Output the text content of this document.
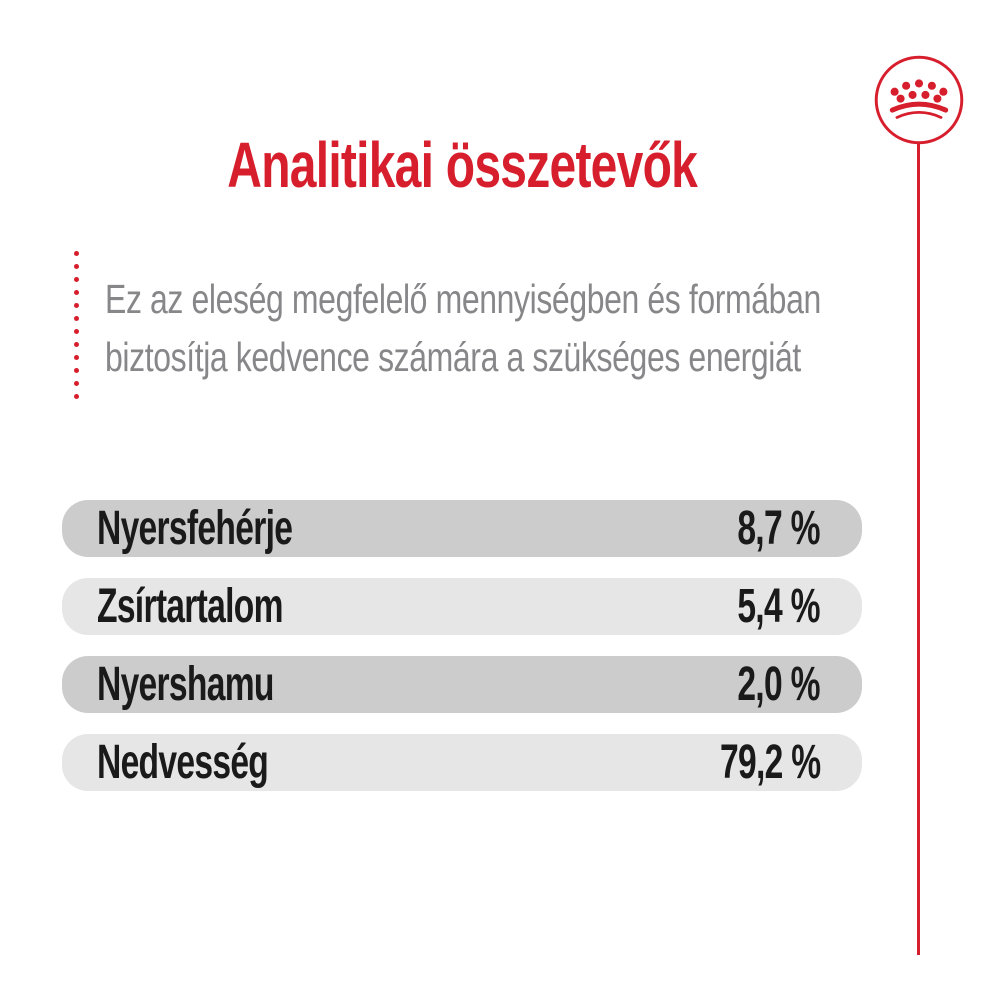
Analitikai összetevők
Ez az eleség megfelelő mennyiségben és formában
biztosítja kedvence számára a szükséges energiát
Nyersfehérje	8,7 %
Zsírtartalom	5,4 %
Nyershamu	2,0 %
Nedvesség	79,2 %
